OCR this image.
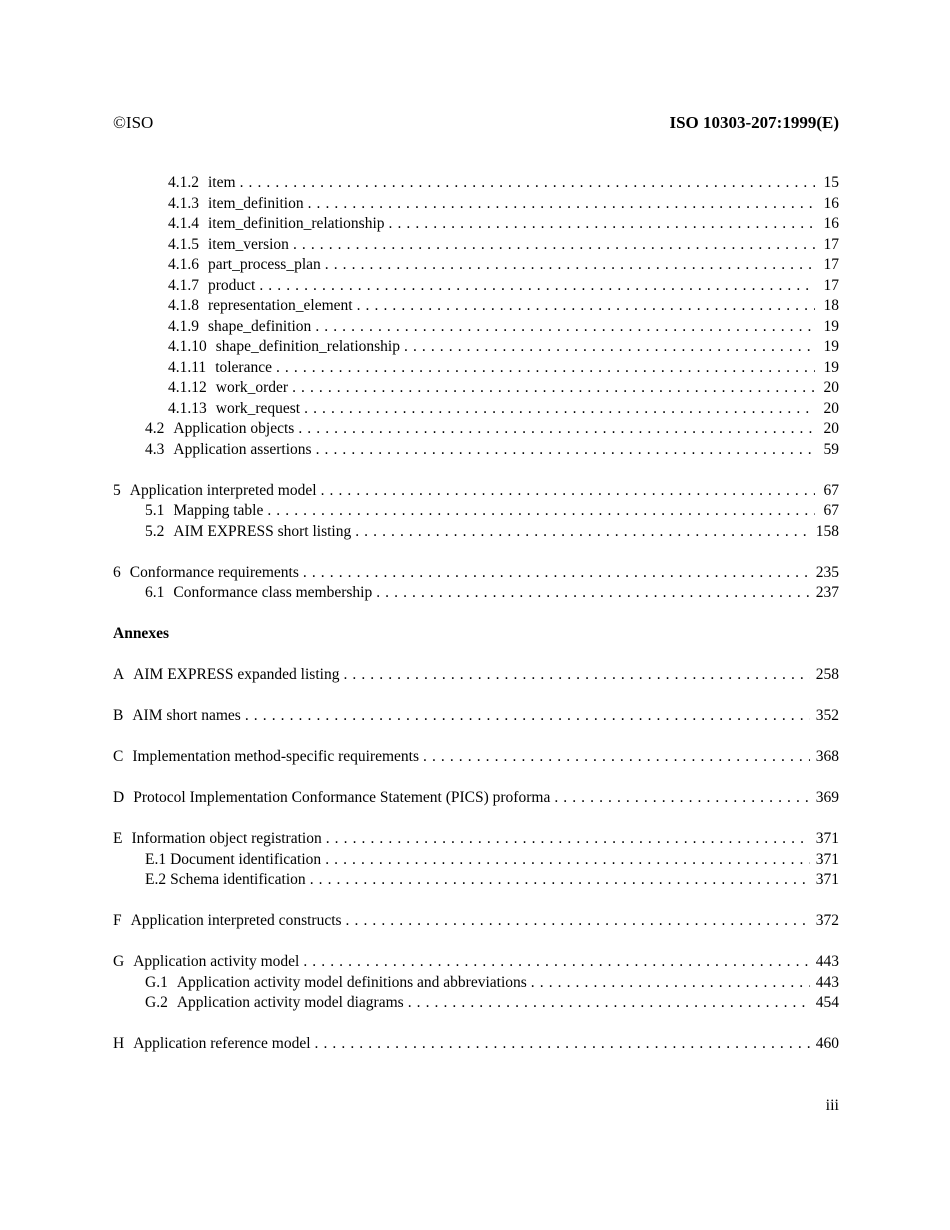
©ISO	ISO 10303-207:1999(E)
4.1.2 item . . .	15
4.1.3 item_definition . . .	16
4.1.4 item_definition_relationship . . .	16
4.1.5 item_version . . .	17
4.1.6 part_process_plan . . .	17
4.1.7 product . . .	17
4.1.8 representation_element . . .	18
4.1.9 shape_definition . . .	19
4.1.10 shape_definition_relationship . . .	19
4.1.11 tolerance . . .	19
4.1.12 work_order . . .	20
4.1.13 work_request . . .	20
4.2 Application objects . . .	20
4.3 Application assertions . . .	59
5 Application interpreted model . . .	67
5.1 Mapping table . . .	67
5.2 AIM EXPRESS short listing . . .	158
6 Conformance requirements . . .	235
6.1 Conformance class membership . . .	237
Annexes
A AIM EXPRESS expanded listing . . .	258
B AIM short names . . .	352
C Implementation method-specific requirements . . .	368
D Protocol Implementation Conformance Statement (PICS) proforma . . .	369
E Information object registration . . .	371
E.1 Document identification . . .	371
E.2 Schema identification . . .	371
F Application interpreted constructs . . .	372
G Application activity model . . .	443
G.1 Application activity model definitions and abbreviations . . .	443
G.2 Application activity model diagrams . . .	454
H Application reference model . . .	460
iii
